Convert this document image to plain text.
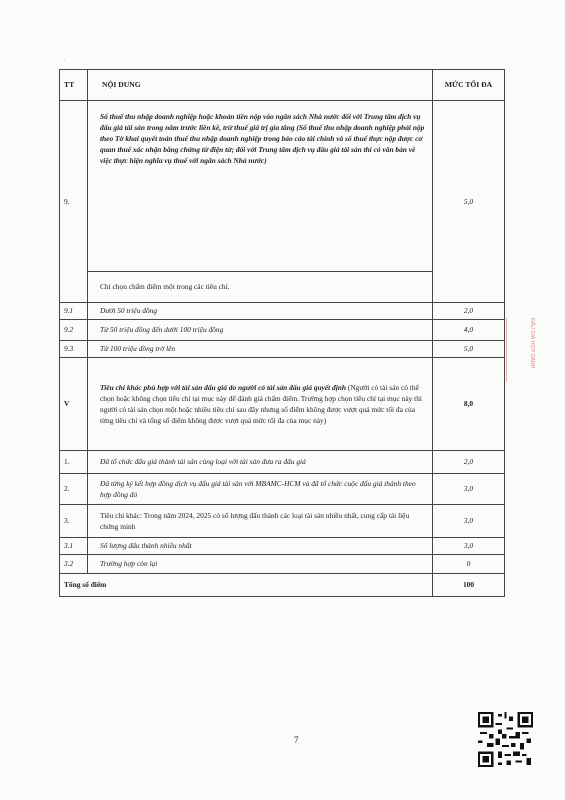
·
TT	NỘI DUNG	MỨC TỐI ĐA
9.	Số thuế thu nhập doanh nghiệp hoặc khoản tiền nộp vào ngân sách Nhà nước đối với Trung tâm dịch vụ đấu giá tài sản trong năm trước liền kề, trừ thuế giá trị gia tăng (Số thuế thu nhập doanh nghiệp phải nộp theo Tờ khai quyết toán thuế thu nhập doanh nghiệp trong báo cáo tài chính và số thuế thực nộp được cơ quan thuế xác nhận bằng chứng từ điện tử; đối với Trung tâm dịch vụ đấu giá tài sản thì có văn bản về việc thực hiện nghĩa vụ thuế với ngân sách Nhà nước)	5,0
	Chỉ chọn chấm điểm một trong các tiêu chí.	
9.1	Dưới 50 triệu đồng	2,0
9.2	Từ 50 triệu đồng đến dưới 100 triệu đồng	4,0
9.3	Từ 100 triệu đồng trở lên	5,0
V	Tiêu chí khác phù hợp với tài sản đấu giá do người có tài sản đấu giá quyết định (Người có tài sản có thể chọn hoặc không chọn tiêu chí tại mục này để đánh giá chấm điểm. Trường hợp chọn tiêu chí tại mục này thì người có tài sản chọn một hoặc nhiều tiêu chí sau đây nhưng số điểm không được vượt quá mức tối đa của từng tiêu chí và tổng số điểm không được vượt quá mức tối đa của mục này)	8,0
1.	Đã tổ chức đấu giá thành tài sản cùng loại với tài sản đưa ra đấu giá	2,0
2.	Đã từng ký kết hợp đồng dịch vụ đấu giá tài sản với MBAMC-HCM và đã tổ chức cuộc đấu giá thành theo hợp đồng đó	3,0
3.	Tiêu chí khác: Trong năm 2024, 2025 có số lượng đấu thành các loại tài sản nhiều nhất, cung cấp tài liệu chứng minh	3,0
3.1	Số lượng đấu thành nhiều nhất	3,0
3.2	Trường hợp còn lại	0
Tổng số điểm		100
ĐẤU GIÁ HỢP DANH
7
